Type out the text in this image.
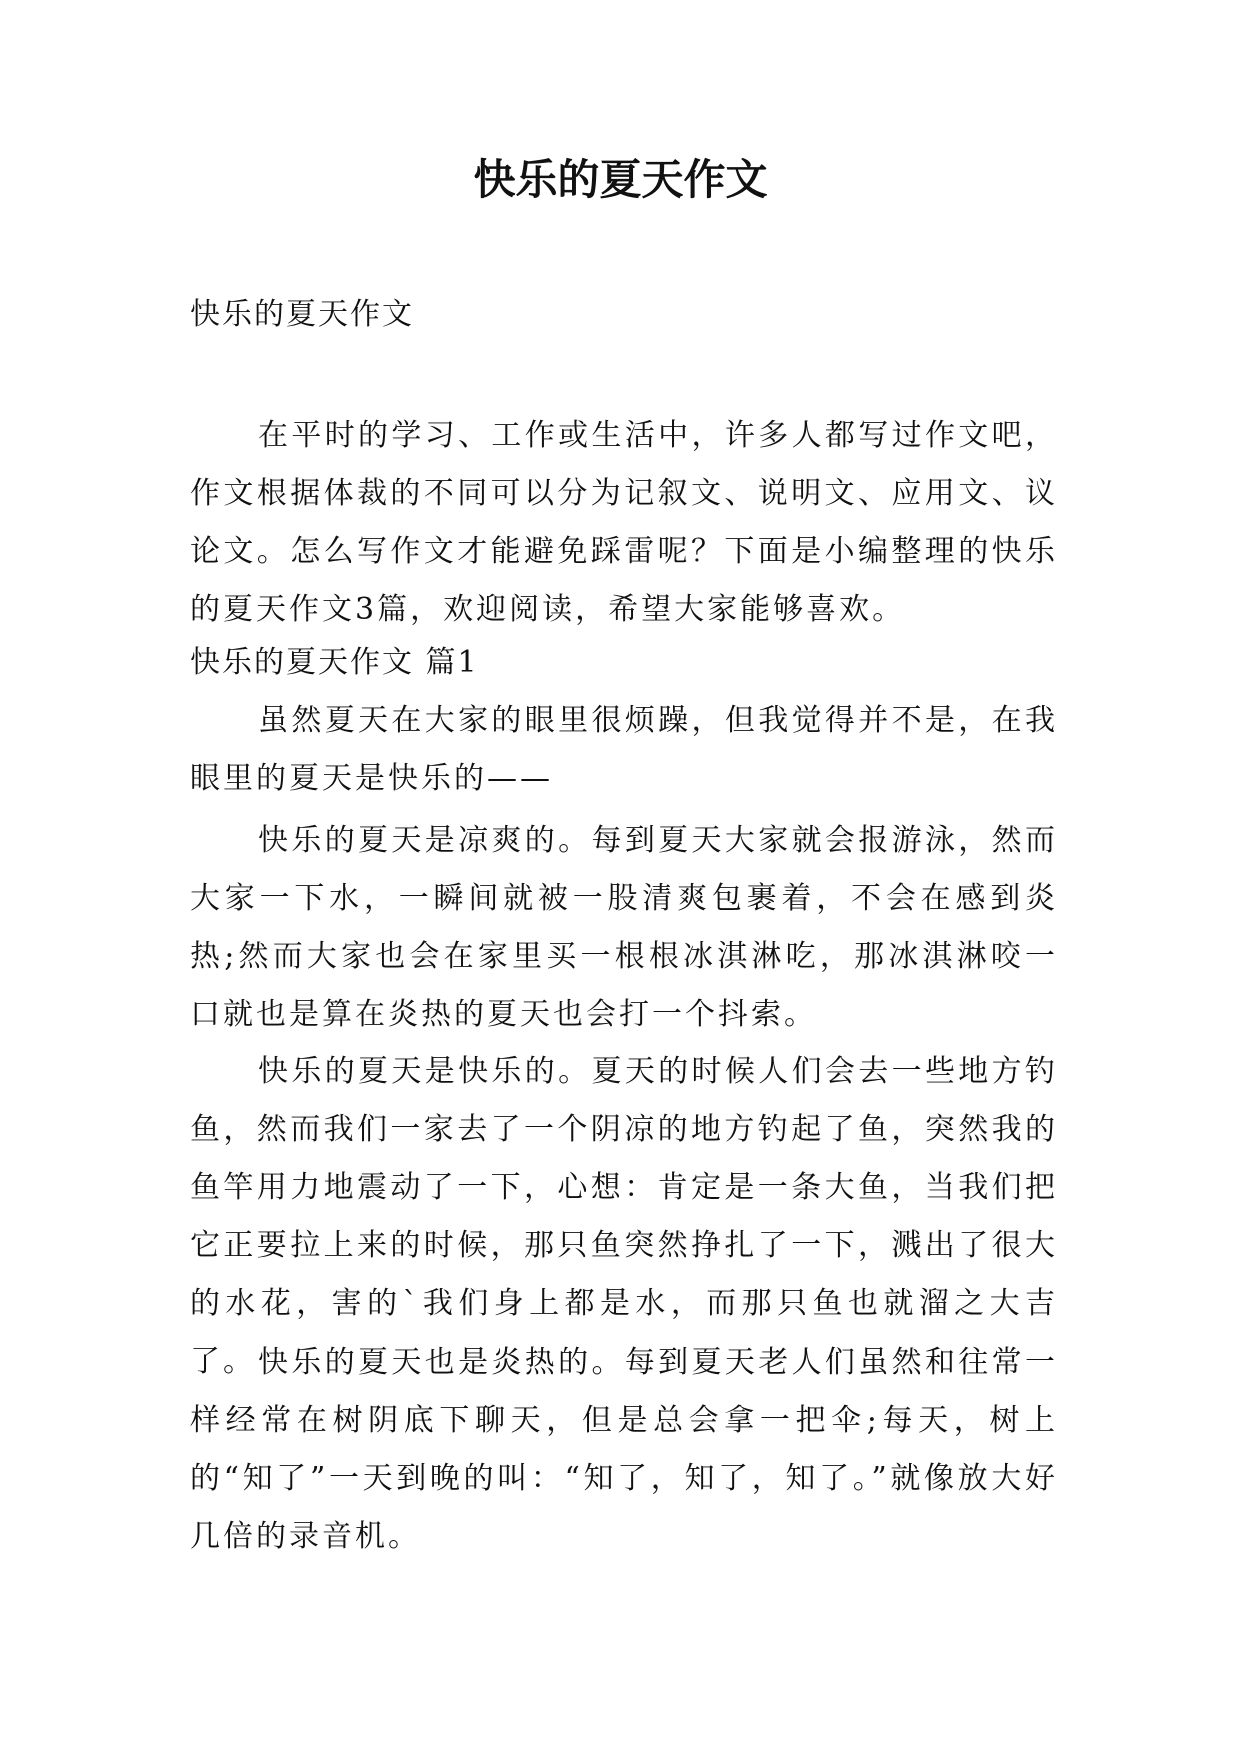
快乐的夏天作文

快乐的夏天作文

在平时的学习、工作或生活中，许多人都写过作文吧，作文根据体裁的不同可以分为记叙文、说明文、应用文、议论文。怎么写作文才能避免踩雷呢？下面是小编整理的快乐的夏天作文3篇，欢迎阅读，希望大家能够喜欢。

快乐的夏天作文 篇1

虽然夏天在大家的眼里很烦躁，但我觉得并不是，在我眼里的夏天是快乐的——

快乐的夏天是凉爽的。每到夏天大家就会报游泳，然而大家一下水，一瞬间就被一股清爽包裹着，不会在感到炎热;然而大家也会在家里买一根根冰淇淋吃，那冰淇淋咬一口就也是算在炎热的夏天也会打一个抖索。

快乐的夏天是快乐的。夏天的时候人们会去一些地方钓鱼，然而我们一家去了一个阴凉的地方钓起了鱼，突然我的鱼竿用力地震动了一下，心想：肯定是一条大鱼，当我们把它正要拉上来的时候，那只鱼突然挣扎了一下，溅出了很大的水花，害的`我们身上都是水，而那只鱼也就溜之大吉了。 快乐的夏天也是炎热的。每到夏天老人们虽然和往常一样经常在树阴底下聊天，但是总会拿一把伞;每天，树上的“知了”一天到晚的叫：“知了，知了，知了。”就像放大好几倍的录音机。
